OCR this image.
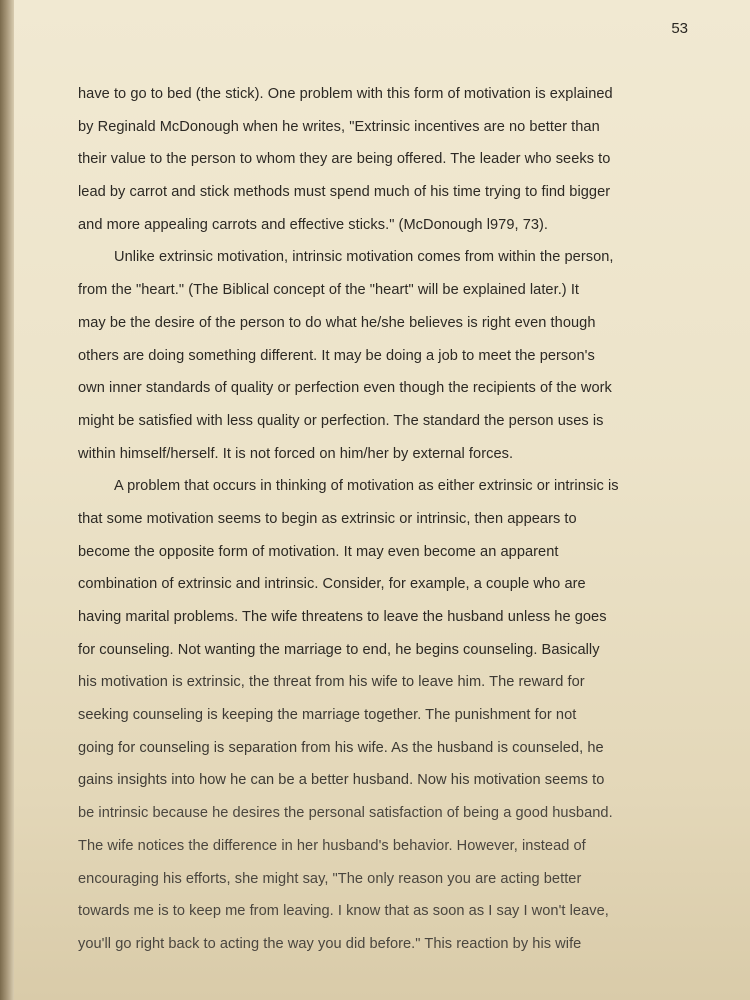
53
have to go to bed (the stick). One problem with this form of motivation is explained
by Reginald McDonough when he writes, "Extrinsic incentives are no better than
their value to the person to whom they are being offered. The leader who seeks to
lead by carrot and stick methods must spend much of his time trying to find bigger
and more appealing carrots and effective sticks." (McDonough l979, 73).
Unlike extrinsic motivation, intrinsic motivation comes from within the person,
from the "heart." (The Biblical concept of the "heart" will be explained later.) It
may be the desire of the person to do what he/she believes is right even though
others are doing something different. It may be doing a job to meet the person's
own inner standards of quality or perfection even though the recipients of the work
might be satisfied with less quality or perfection. The standard the person uses is
within himself/herself. It is not forced on him/her by external forces.
A problem that occurs in thinking of motivation as either extrinsic or intrinsic is
that some motivation seems to begin as extrinsic or intrinsic, then appears to
become the opposite form of motivation. It may even become an apparent
combination of extrinsic and intrinsic. Consider, for example, a couple who are
having marital problems. The wife threatens to leave the husband unless he goes
for counseling. Not wanting the marriage to end, he begins counseling. Basically
his motivation is extrinsic, the threat from his wife to leave him. The reward for
seeking counseling is keeping the marriage together. The punishment for not
going for counseling is separation from his wife. As the husband is counseled, he
gains insights into how he can be a better husband. Now his motivation seems to
be intrinsic because he desires the personal satisfaction of being a good husband.
The wife notices the difference in her husband's behavior. However, instead of
encouraging his efforts, she might say, "The only reason you are acting better
towards me is to keep me from leaving. I know that as soon as I say I won't leave,
you'll go right back to acting the way you did before." This reaction by his wife
